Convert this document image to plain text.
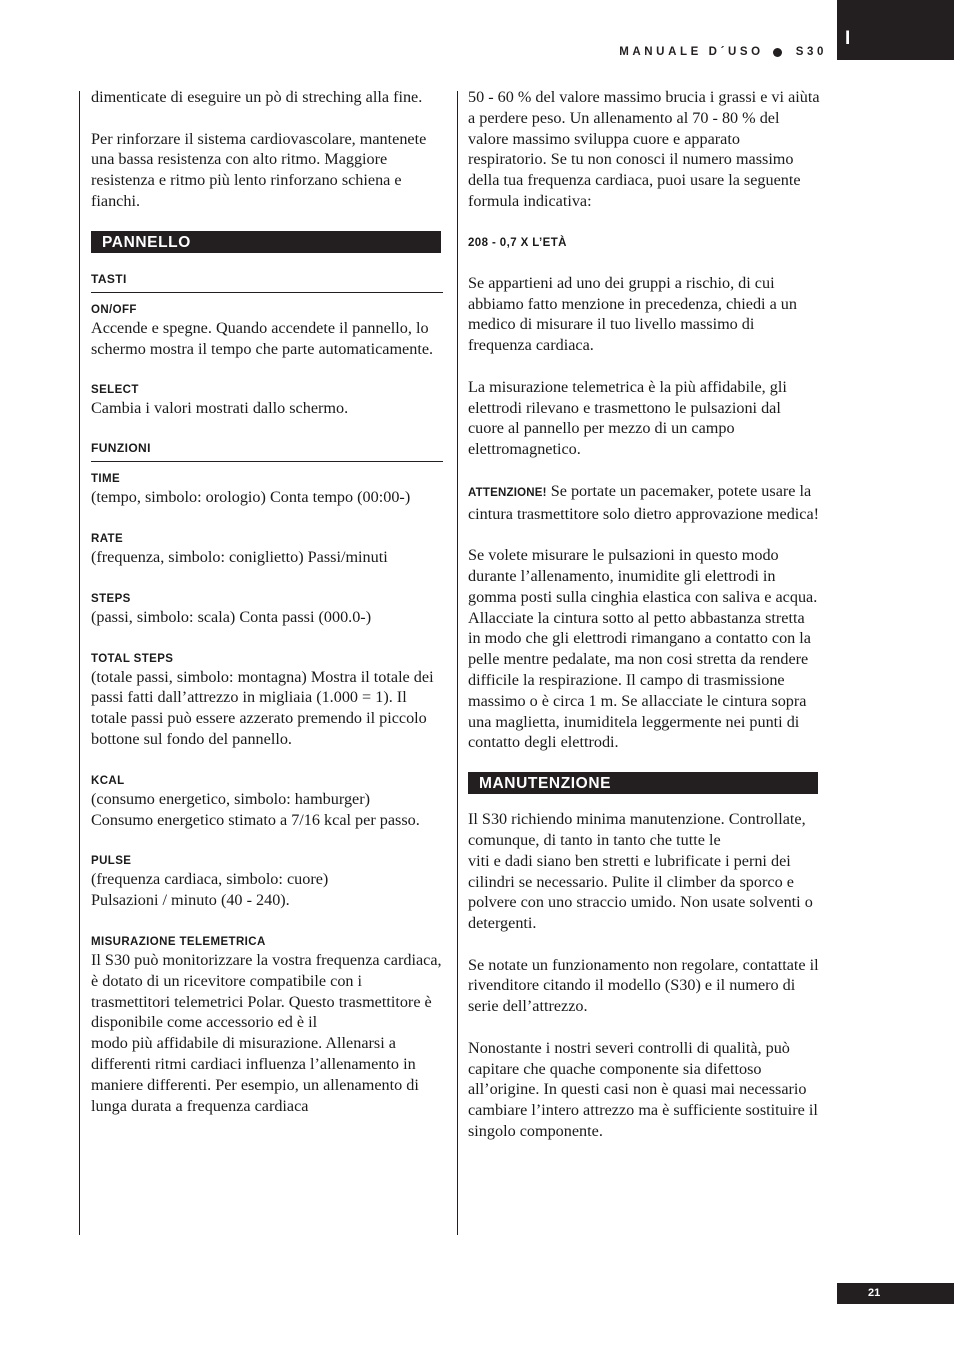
I
MANUALE D´USO	S30

dimenticate di eseguire un pò di streching alla fine.

Per rinforzare il sistema cardiovascolare, mantenete una bassa resistenza con alto ritmo. Maggiore resistenza e ritmo più lento rinforzano schiena e fianchi.

PANNELLO
TASTI
ON/OFF

Accende e spegne. Quando accendete il pannello, lo schermo mostra il tempo che parte automaticamente.

SELECT

Cambia i valori mostrati dallo schermo.

FUNZIONI
TIME

(tempo, simbolo: orologio) Conta tempo (00:00-)

RATE

(frequenza, simbolo: coniglietto) Passi/minuti

STEPS

(passi, simbolo: scala) Conta passi (000.0-)

TOTAL STEPS

(totale passi, simbolo: montagna) Mostra il totale dei passi fatti dall’attrezzo in migliaia (1.000 = 1). Il totale passi può essere azzerato premendo il piccolo bottone sul fondo del pannello.

KCAL

(consumo energetico, simbolo: hamburger)

Consumo energetico stimato a 7/16 kcal per passo.

PULSE

(frequenza cardiaca, simbolo: cuore)

Pulsazioni / minuto (40 - 240).

MISURAZIONE TELEMETRICA

Il S30 può monitorizzare la vostra frequenza cardiaca, è dotato di un ricevitore compatibile con i trasmettitori telemetrici Polar. Questo trasmettitore è disponibile come accessorio ed è il

modo più affidabile di misurazione. Allenarsi a differenti ritmi cardiaci influenza l’allenamento in maniere differenti. Per esempio, un allenamento di lunga durata a frequenza cardiaca

50 - 60 % del valore massimo brucia i grassi e vi aiùta a perdere peso. Un allenamento al 70 - 80 % del valore massimo sviluppa cuore e apparato respiratorio. Se tu non conosci il numero massimo della tua frequenza cardiaca, puoi usare la seguente formula indicativa:

208 - 0,7 X L’ETÀ

Se appartieni ad uno dei gruppi a rischio, di cui abbiamo fatto menzione in precedenza, chiedi a un medico di misurare il tuo livello massimo di frequenza cardiaca.

La misurazione telemetrica è la più affidabile, gli elettrodi rilevano e trasmettono le pulsazioni dal cuore al pannello per mezzo di un campo elettromagnetico.

ATTENZIONE! Se portate un pacemaker, potete usare la cintura trasmettitore solo dietro approvazione medica!

Se volete misurare le pulsazioni in questo modo durante l’allenamento, inumidite gli elettrodi in gomma posti sulla cinghia elastica con saliva e acqua. Allacciate la cintura sotto al petto abbastanza stretta in modo che gli elettrodi rimangano a contatto con la pelle mentre pedalate, ma non cosi stretta da rendere difficile la respirazione. Il campo di trasmissione massimo o è circa 1 m. Se allacciate le cintura sopra una maglietta, inumiditela leggermente nei punti di contatto degli elettrodi.

MANUTENZIONE

Il S30 richiendo minima manutenzione. Controllate, comunque, di tanto in tanto che tutte le

viti e dadi siano ben stretti e lubrificate i perni dei cilindri se necessario. Pulite il climber da sporco e polvere con uno straccio umido. Non usate solventi o detergenti.

Se notate un funzionamento non regolare, contattate il rivenditore citando il modello (S30) e il numero di serie dell’attrezzo.

Nonostante i nostri severi controlli di qualità, può capitare che quache componente sia difettoso all’origine. In questi casi non è quasi mai necessario cambiare l’intero attrezzo ma è sufficiente sostituire il singolo componente.

21
